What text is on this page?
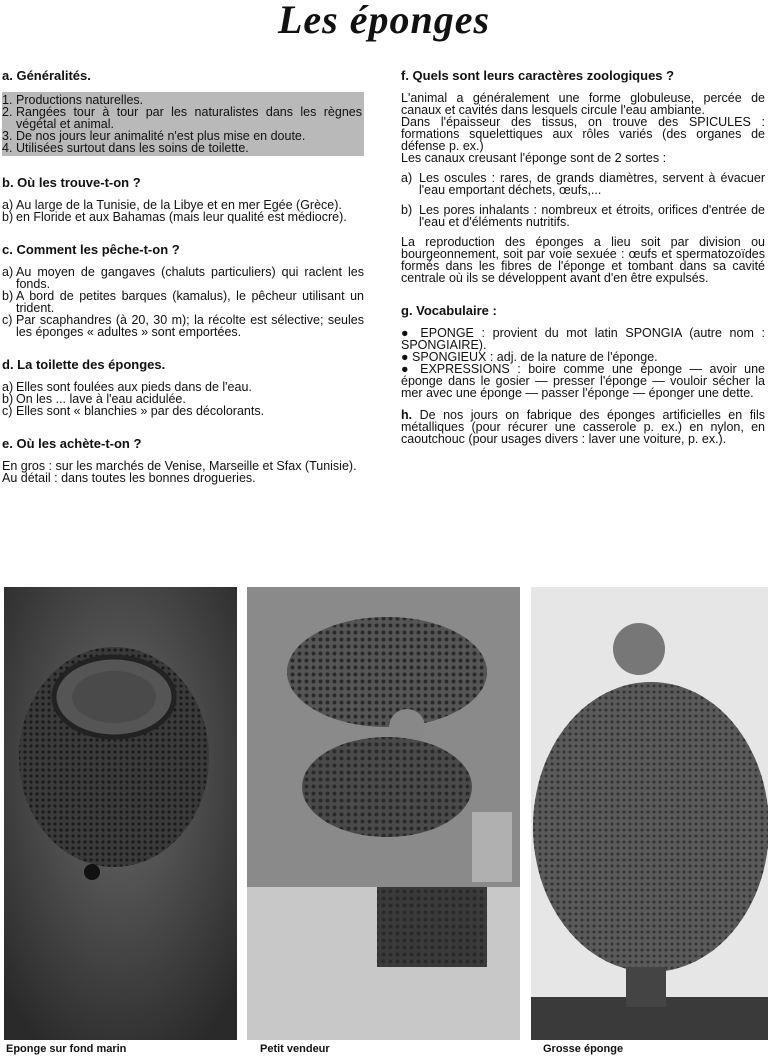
Les éponges
a. Généralités.
1. Productions naturelles.
2. Rangées tour à tour par les naturalistes dans les règnes végétal et animal.
3. De nos jours leur animalité n'est plus mise en doute.
4. Utilisées surtout dans les soins de toilette.
b. Où les trouve-t-on ?
a) Au large de la Tunisie, de la Libye et en mer Egée (Grèce).
b) en Floride et aux Bahamas (mais leur qualité est médiocre).
c. Comment les pêche-t-on ?
a) Au moyen de gangaves (chaluts particuliers) qui raclent les fonds.
b) A bord de petites barques (kamalus), le pêcheur utilisant un trident.
c) Par scaphandres (à 20, 30 m); la récolte est sélective; seules les éponges « adultes » sont emportées.
d. La toilette des éponges.
a) Elles sont foulées aux pieds dans de l'eau.
b) On les ... lave à l'eau acidulée.
c) Elles sont « blanchies » par des décolorants.
e. Où les achète-t-on ?

En gros : sur les marchés de Venise, Marseille et Sfax (Tunisie).

Au détail : dans toutes les bonnes drogueries.

f. Quels sont leurs caractères zoologiques ?

L'animal a généralement une forme globuleuse, percée de canaux et cavités dans lesquels circule l'eau ambiante.

Dans l'épaisseur des tissus, on trouve des SPICULES : formations squelettiques aux rôles variés (des organes de défense p. ex.)

Les canaux creusant l'éponge sont de 2 sortes :

a) Les oscules : rares, de grands diamètres, servent à évacuer l'eau emportant déchets, œufs,...
b) Les pores inhalants : nombreux et étroits, orifices d'entrée de l'eau et d'éléments nutritifs.

La reproduction des éponges a lieu soit par division ou bourgeonnement, soit par voie sexuée : œufs et spermatozoïdes formés dans les fibres de l'éponge et tombant dans sa cavité centrale où ils se développent avant d'en être expulsés.

g. Vocabulaire :
● EPONGE : provient du mot latin SPONGIA (autre nom : SPONGIAIRE).
● SPONGIEUX : adj. de la nature de l'éponge.
● EXPRESSIONS : boire comme une éponge — avoir une éponge dans le gosier — presser l'éponge — vouloir sécher la mer avec une éponge — passer l'éponge — éponger une dette.

h. De nos jours on fabrique des éponges artificielles en fils métalliques (pour récurer une casserole p. ex.) en nylon, en caoutchouc (pour usages divers : laver une voiture, p. ex.).

Eponge sur fond marin	Petit vendeur	Grosse éponge
